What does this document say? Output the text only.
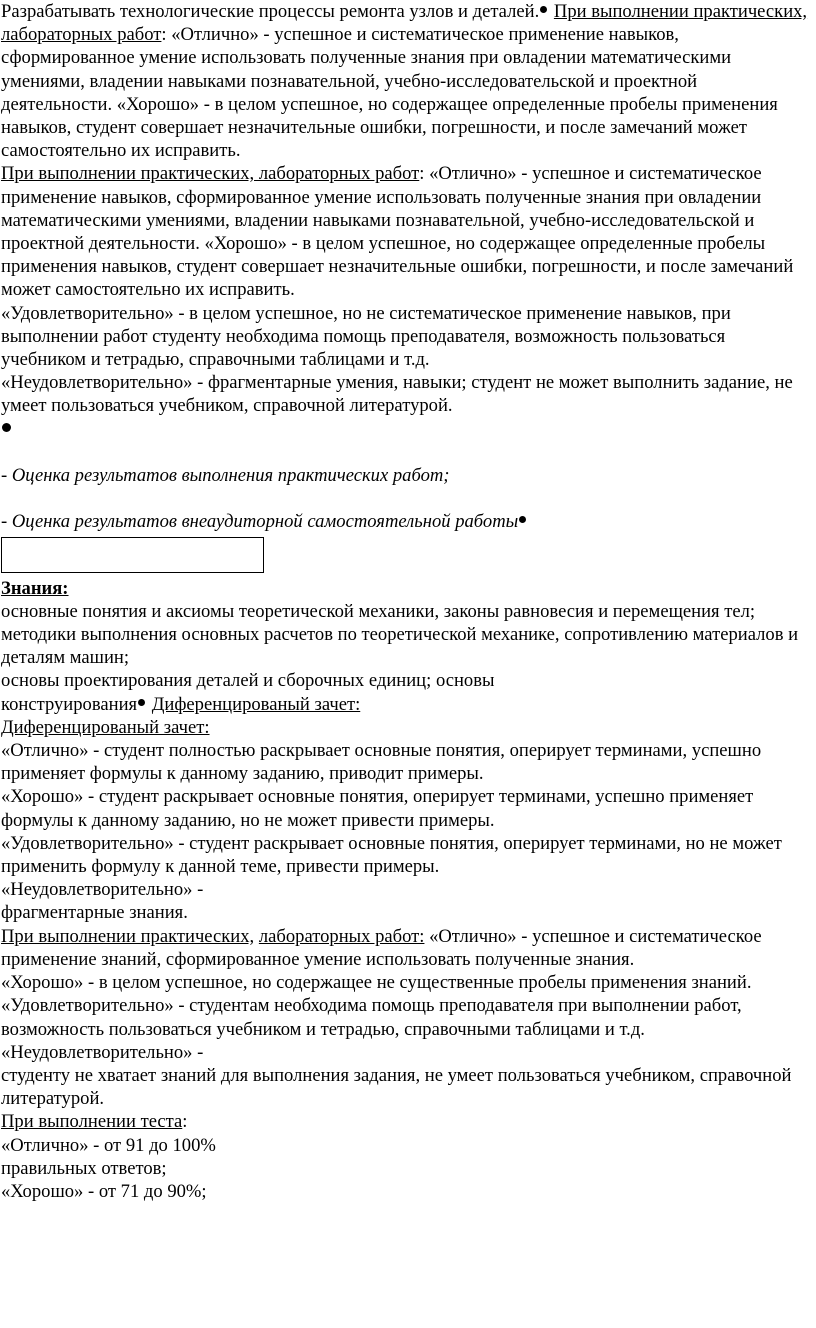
Разрабатывать технологические процессы ремонта узлов и деталей. При выполнении практических, лабораторных работ: «Отлично» - успешное и систематическое применение навыков, сформированное умение использовать полученные знания при овладении математическими умениями, владении навыками познавательной, учебно-исследовательской и проектной деятельности. «Хорошо» - в целом успешное, но содержащее определенные пробелы применения навыков, студент совершает незначительные ошибки, погрешности, и после замечаний может самостоятельно их исправить.

При выполнении практических, лабораторных работ: «Отлично» - успешное и систематическое применение навыков, сформированное умение использовать полученные знания при овладении математическими умениями, владении навыками познавательной, учебно-исследовательской и проектной деятельности. «Хорошо» - в целом успешное, но содержащее определенные пробелы применения навыков, студент совершает незначительные ошибки, погрешности, и после замечаний может самостоятельно их исправить.

«Удовлетворительно» - в целом успешное, но не систематическое применение навыков, при выполнении работ студенту необходима помощь преподавателя, возможность пользоваться учебником и тетрадью, справочными таблицами и т.д.

«Неудовлетворительно» - фрагментарные умения, навыки; студент не может выполнить задание, не умеет пользоваться учебником, справочной литературой.

- Оценка результатов выполнения практических работ;

- Оценка результатов внеаудиторной самостоятельной работы

Знания:

основные понятия и аксиомы теоретической механики, законы равновесия и перемещения тел;

методики выполнения основных расчетов по теоретической механике, сопротивлению материалов и деталям машин;

основы проектирования деталей и сборочных единиц; основы

конструирования Диференцированый зачет:

Диференцированый зачет:

«Отлично» - студент полностью раскрывает основные понятия, оперирует терминами, успешно применяет формулы к данному заданию, приводит примеры.

«Хорошо» - студент раскрывает основные понятия, оперирует терминами, успешно применяет формулы к данному заданию, но не может привести примеры.

«Удовлетворительно» - студент раскрывает основные понятия, оперирует терминами, но не может применить формулу к данной теме, привести примеры.

«Неудовлетворительно» -

фрагментарные знания.

При выполнении практических, лабораторных работ: «Отлично» - успешное и систематическое применение знаний, сформированное умение использовать полученные знания.

«Хорошо» - в целом успешное, но содержащее не существенные пробелы применения знаний.

«Удовлетворительно» - студентам необходима помощь преподавателя при выполнении работ, возможность пользоваться учебником и тетрадью, справочными таблицами и т.д.

«Неудовлетворительно» -

студенту не хватает знаний для выполнения задания, не умеет пользоваться учебником, справочной литературой.

При выполнении теста:

«Отлично» - от 91 до 100%

правильных ответов;

«Хорошо» - от 71 до 90%;
